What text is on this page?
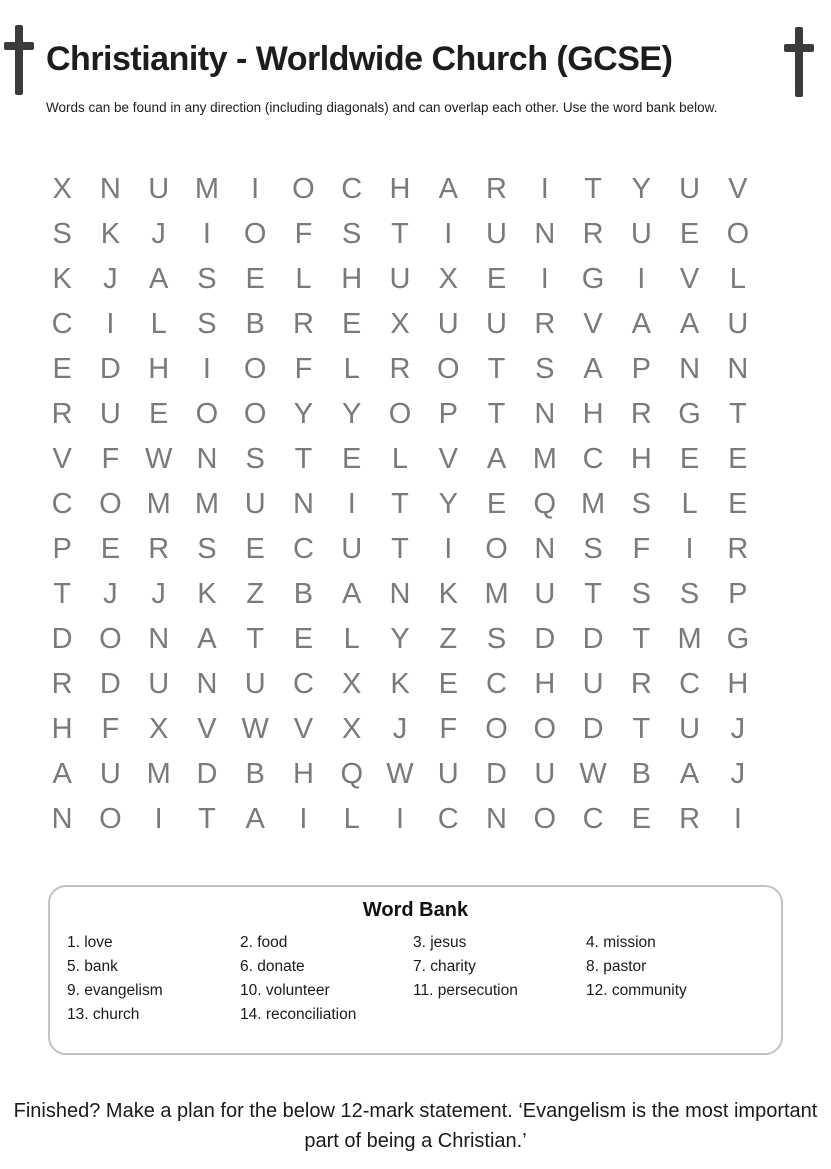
Christianity - Worldwide Church (GCSE)
Words can be found in any direction (including diagonals) and can overlap each other. Use the word bank below.
X N U M	I	O C H A R	I	T	Y U V
S K	J	I	O F	S	T	I	U N R U E O
K	J	A S E	L	H U X E	I	G	I	V	L
C	I	L	S B R E X U U R V A A U
E D H	I	O F	L	R O T	S A P N N
R U E O O Y Y O P	T N H R G T
V	F W N S	T	E	L	V A M C H E E
C O M M U N	I	T	Y E Q M S	L	E
P E R S E C U T	I	O N S	F	I	R
T	J	J	K	Z	B A N K M U T	S S P
D O N A	T	E	L	Y	Z	S D D T M G
R D U N U C X K E C H U R C H
H F	X V W V X	J	F O O D T U	J
A U M D B H Q W U D U W B A	J
N O	I	T	A	I	L	I	C N O C E R	I
Word Bank
1. love	2. food	3. jesus	4. mission
5. bank	6. donate	7. charity	8. pastor
9. evangelism	10. volunteer	11. persecution	12. community
13. church	14. reconciliation
Finished? Make a plan for the below 12-mark statement. ‘Evangelism is the most important part of being a Christian.’
